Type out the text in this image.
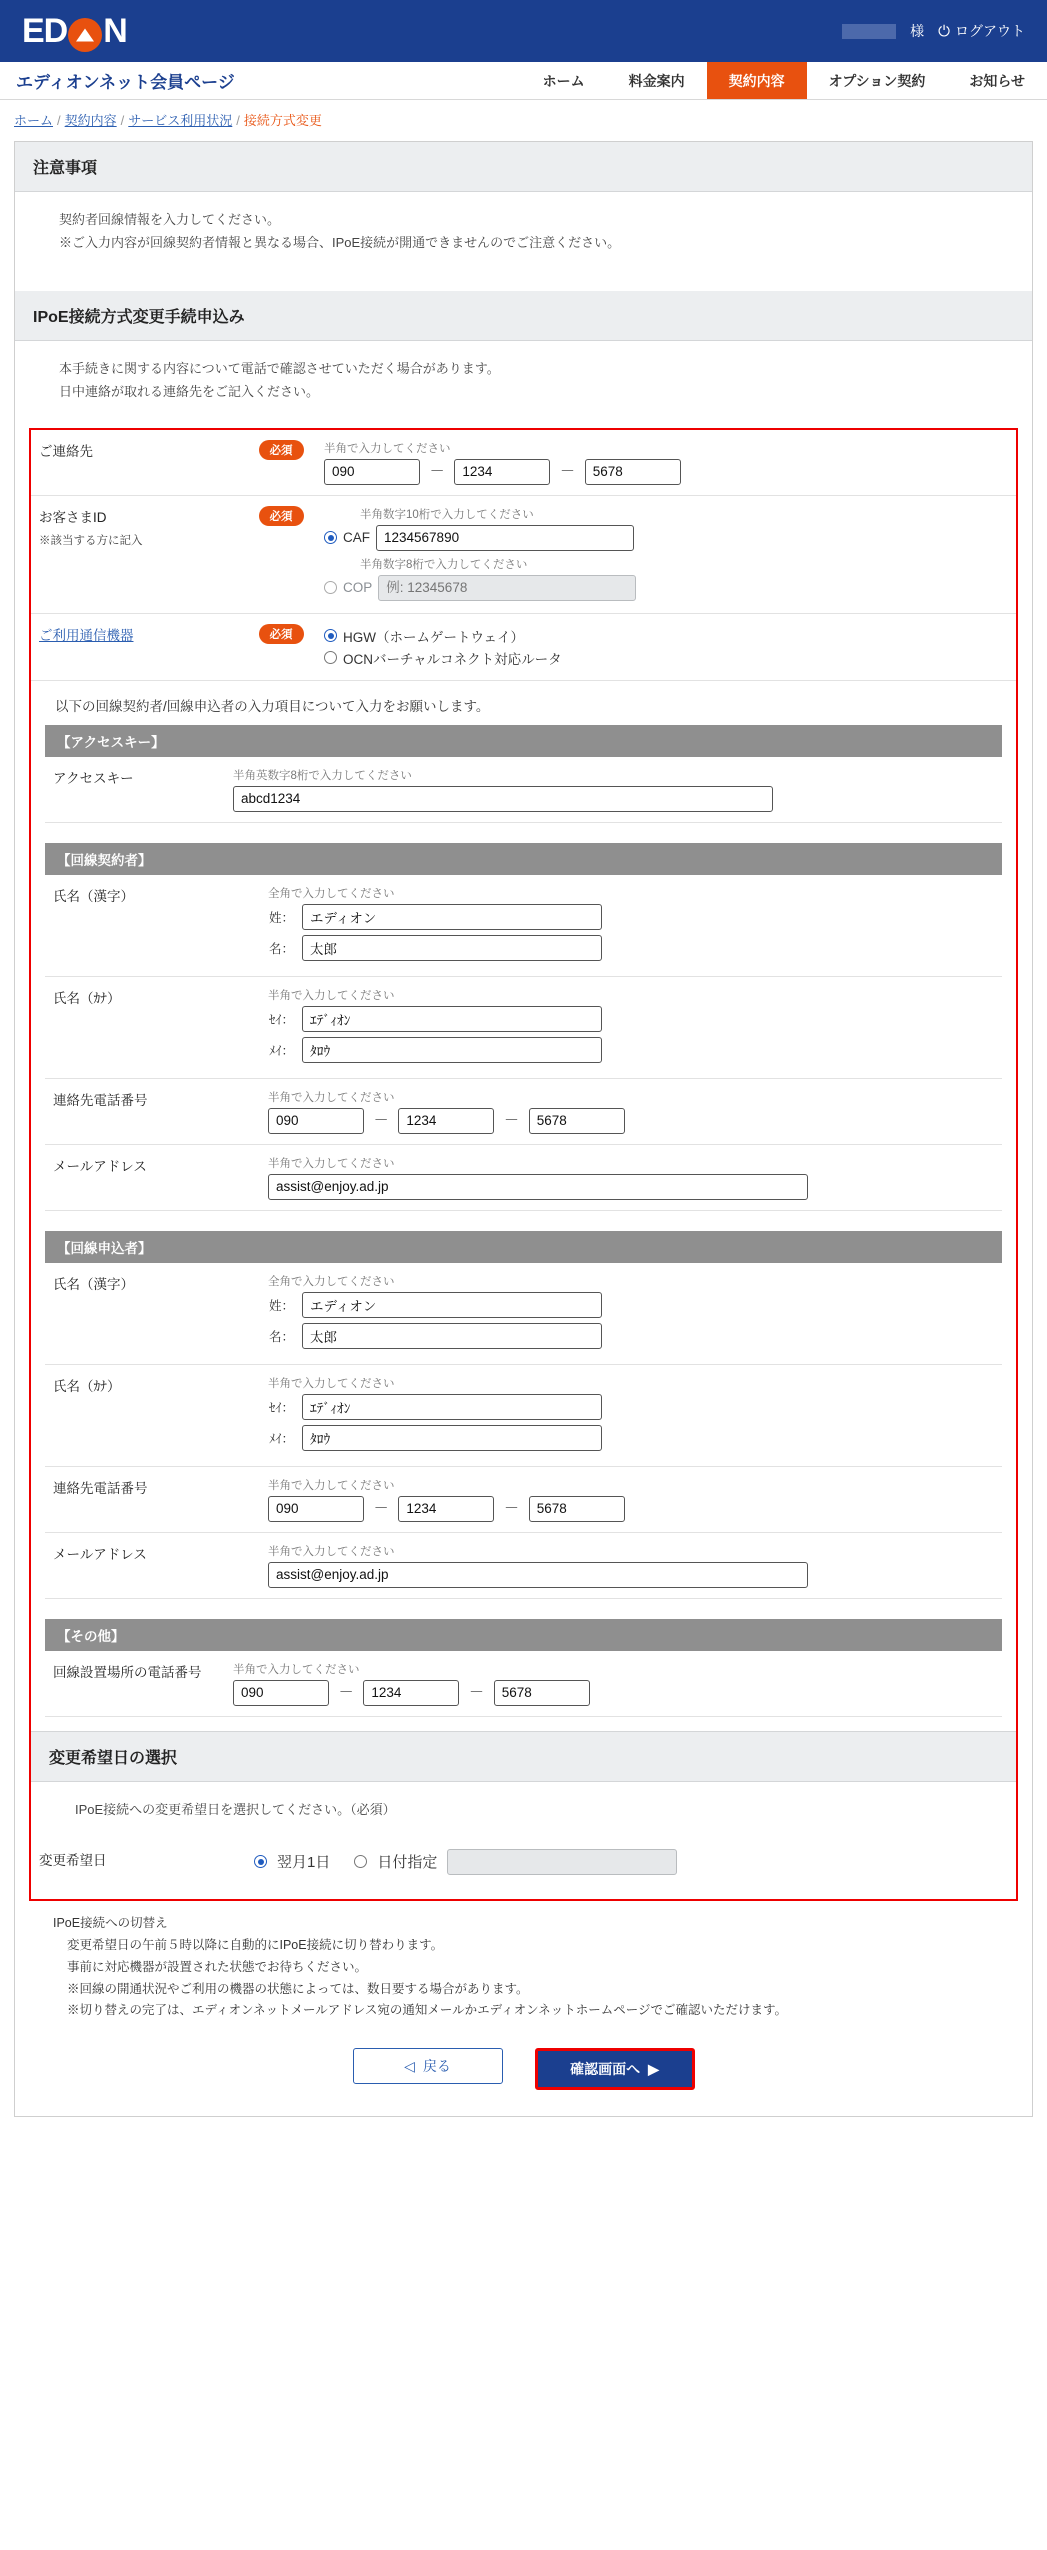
ED N	様 ⏻ ログアウト
エディオンネット会員ページ	ホーム	料金案内	契約内容	オプション契約	お知らせ
ホーム / 契約内容 / サービス利用状況 / 接続方式変更
注意事項
契約者回線情報を入力してください。
※ご入力内容が回線契約者情報と異なる場合、IPoE接続が開通できませんのでご注意ください。
IPoE接続方式変更手続申込み
本手続きに関する内容について電話で確認させていただく場合があります。
日中連絡が取れる連絡先をご記入ください。
ご連絡先	必須	半角で入力してください
090 － 1234 － 5678
お客さまID
※該当する方に記入
	必須	半角数字10桁で入力してください
CAF
1234567890
半角数字8桁で入力してください
COP
例: 12345678

ご利用通信機器	必須	HGW（ホームゲートウェイ）
OCNバーチャルコネクト対応ルータ
以下の回線契約者/回線申込者の入力項目について入力をお願いします。
【アクセスキー】
アクセスキー	半角英数字8桁で入力してください
abcd1234
【回線契約者】
氏名（漢字）	全角で入力してください
姓：
エディオン
名：
太郎

氏名（ｶﾅ）	半角で入力してください
ｾｲ：
ｴﾃﾞｨｵﾝ
ﾒｲ：
ﾀﾛｳ

連絡先電話番号	半角で入力してください
090 － 1234 － 5678
メールアドレス	半角で入力してください
assist@enjoy.ad.jp
【回線申込者】
氏名（漢字）	全角で入力してください
姓：
エディオン
名：
太郎

氏名（ｶﾅ）	半角で入力してください
ｾｲ：
ｴﾃﾞｨｵﾝ
ﾒｲ：
ﾀﾛｳ

連絡先電話番号	半角で入力してください
090 － 1234 － 5678
メールアドレス	半角で入力してください
assist@enjoy.ad.jp
【その他】
回線設置場所の電話番号	半角で入力してください
090 － 1234	－ 5678
変更希望日の選択
IPoE接続への変更希望日を選択してください。（必須）
変更希望日	翌月1日	日付指定
IPoE接続への切替え
変更希望日の午前５時以降に自動的にIPoE接続に切り替わります。
事前に対応機器が設置された状態でお待ちください。
※回線の開通状況やご利用の機器の状態によっては、数日要する場合があります。
※切り替えの完了は、エディオンネットメールアドレス宛の通知メールかエディオンネットホームページでご確認いただけます。
◁ 戻る	確認画面へ ▶
